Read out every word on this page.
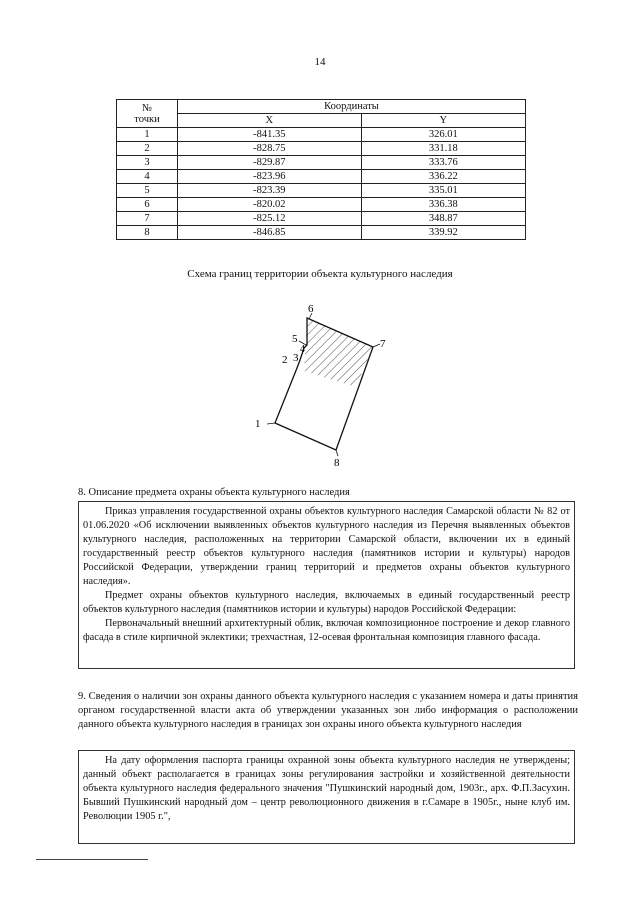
14
№
точки	Координаты	
	X	Y
1	-841.35	326.01
2	-828.75	331.18
3	-829.87	333.76
4	-823.96	336.22
5	-823.39	335.01
6	-820.02	336.38
7	-825.12	348.87
8	-846.85	339.92
Схема границ территории объекта культурного наследия
1
2 3
4
5
6
7
8
8. Описание предмета охраны объекта культурного наследия

Приказ управления государственной охраны объектов культурного наследия Самарской области № 82 от 01.06.2020 «Об исключении выявленных объектов культурного наследия из Перечня выявленных объектов культурного наследия, расположенных на территории Самарской области, включении их в единый государственный реестр объектов культурного наследия (памятников истории и культуры) народов Российской Федерации, утверждении границ территорий и предметов охраны объектов культурного наследия».

Предмет охраны объектов культурного наследия, включаемых в единый государственный реестр объектов культурного наследия (памятников истории и культуры) народов Российской Федерации:

Первоначальный внешний архитектурный облик, включая композиционное построение и декор главного фасада в стиле кирпичной эклектики; трехчастная, 12-осевая фронтальная композиция главного фасада.

9. Сведения о наличии зон охраны данного объекта культурного наследия с указанием номера и даты принятия органом государственной власти акта об утверждении указанных зон либо информация о расположении данного объекта культурного наследия в границах зон охраны иного объекта культурного наследия

На дату оформления паспорта границы охранной зоны объекта культурного наследия не утверждены; данный объект располагается в границах зоны регулирования застройки и хозяйственной деятельности объекта культурного наследия федерального значения "Пушкинский народный дом, 1903г., арх. Ф.П.Засухин. Бывший Пушкинский народный дом – центр революционного движения в г.Самаре в 1905г., ныне клуб им. Революции 1905 г.",
